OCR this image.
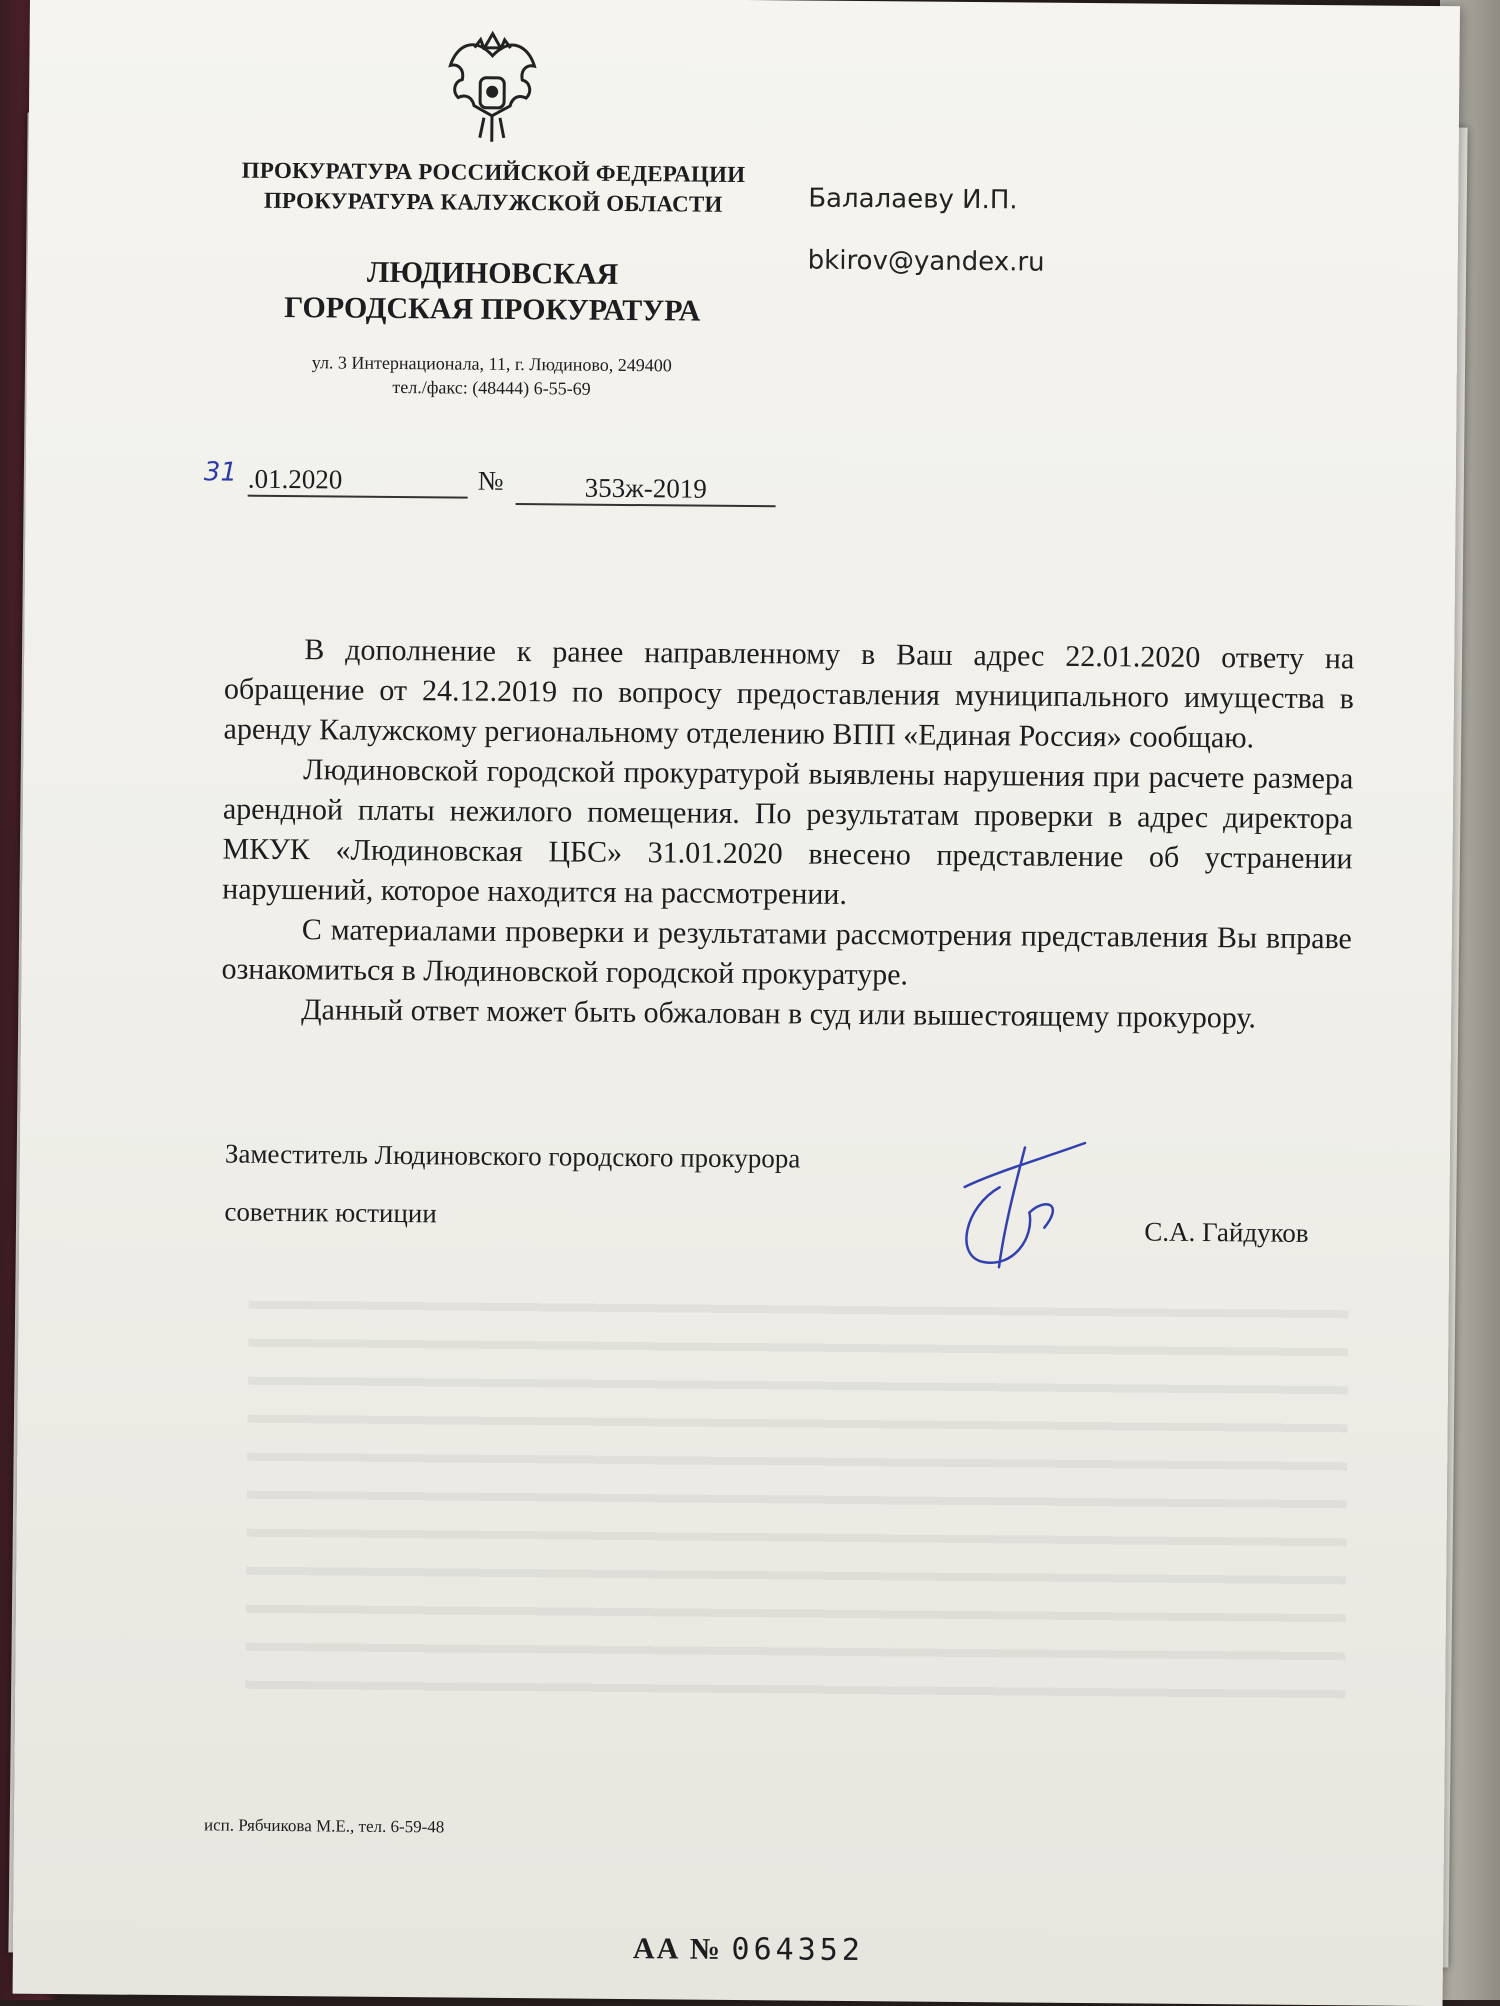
ПРОКУРАТУРА РОССИЙСКОЙ ФЕДЕРАЦИИ
ПРОКУРАТУРА КАЛУЖСКОЙ ОБЛАСТИ
ЛЮДИНОВСКАЯ
ГОРОДСКАЯ ПРОКУРАТУРА
ул. 3 Интернационала, 11, г. Людиново, 249400
тел./факс: (48444) 6-55-69
Балалаеву И.П.
bkirov@yandex.ru
31 .01.2020	№	353ж-2019

В дополнение к ранее направленному в Ваш адрес 22.01.2020 ответу на обращение от 24.12.2019 по вопросу предоставления муниципального имущества в аренду Калужскому региональному отделению ВПП «Единая Россия» сообщаю.

Людиновской городской прокуратурой выявлены нарушения при расчете размера арендной платы нежилого помещения. По результатам проверки в адрес директора МКУК «Людиновская ЦБС» 31.01.2020 внесено представление об устранении нарушений, которое находится на рассмотрении.

С материалами проверки и результатами рассмотрения представления Вы вправе ознакомиться в Людиновской городской прокуратуре.

Данный ответ может быть обжалован в суд или вышестоящему прокурору.

Заместитель Людиновского городского прокурора
советник юстиции
С.А. Гайдуков
исп. Рябчикова М.Е., тел. 6-59-48
АА № 064352
